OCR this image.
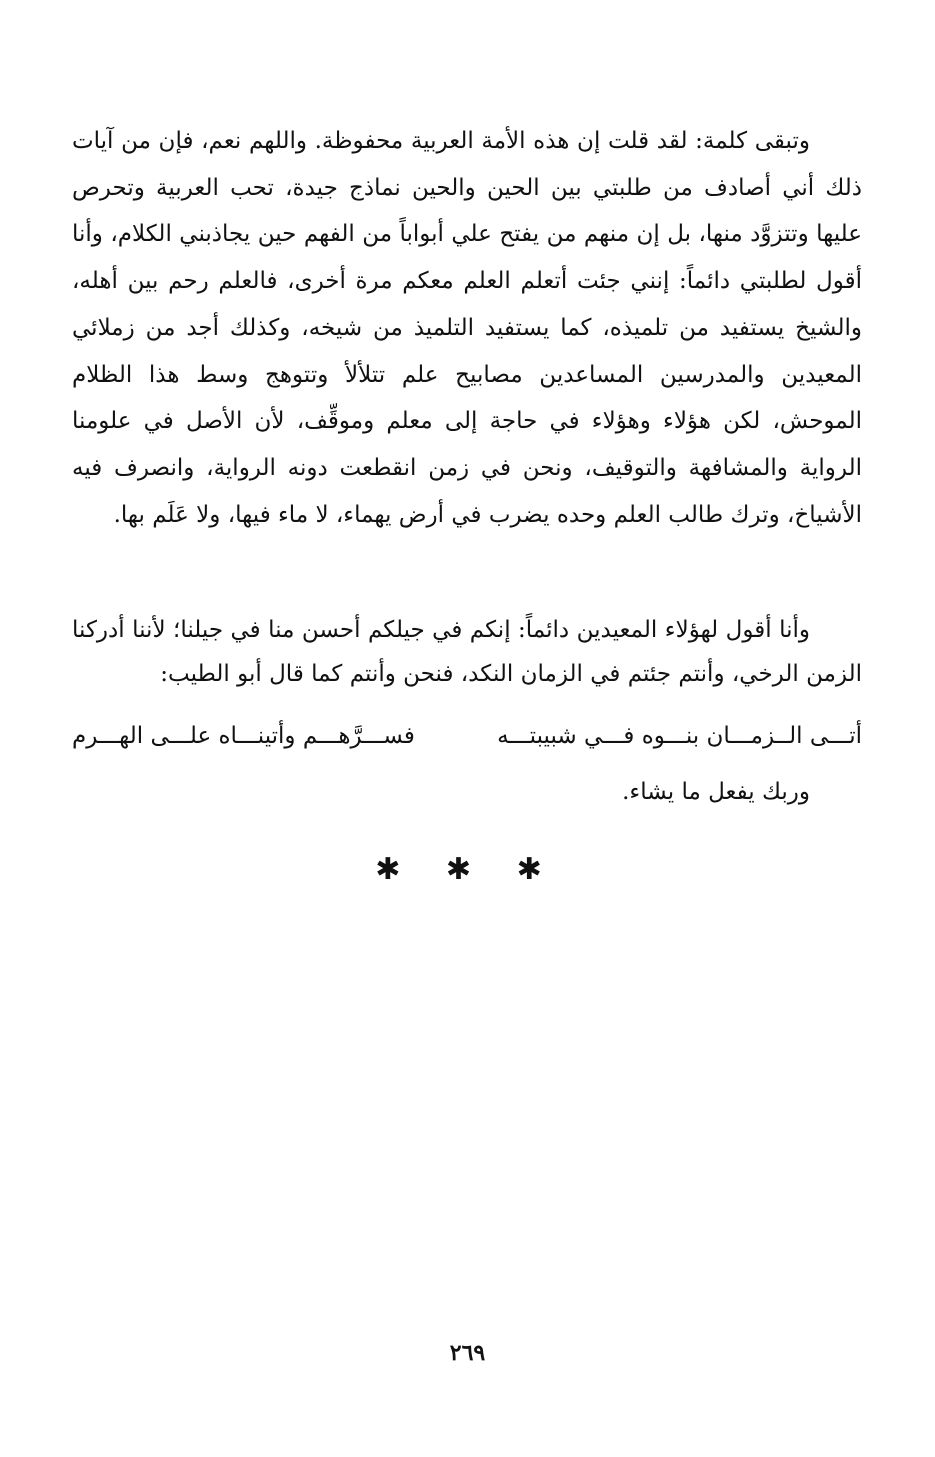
وتبقى كلمة: لقد قلت إن هذه الأمة العربية محفوظة. واللهم نعم، فإن من آيات ذلك أني أصادف من طلبتي بين الحين والحين نماذج جيدة، تحب العربية وتحرص عليها وتتزوَّد منها، بل إن منهم من يفتح علي أبواباً من الفهم حين يجاذبني الكلام، وأنا أقول لطلبتي دائماً: إنني جئت أتعلم العلم معكم مرة أخرى، فالعلم رحم بين أهله، والشيخ يستفيد من تلميذه، كما يستفيد التلميذ من شيخه، وكذلك أجد من زملائي المعيدين والمدرسين المساعدين مصابيح علم تتلألأ وتتوهج وسط هذا الظلام الموحش، لكن هؤلاء وهؤلاء في حاجة إلى معلم وموقِّف، لأن الأصل في علومنا الرواية والمشافهة والتوقيف، ونحن في زمن انقطعت دونه الرواية، وانصرف فيه الأشياخ، وترك طالب العلم وحده يضرب في أرض يهماء، لا ماء فيها، ولا عَلَم بها.
وأنا أقول لهؤلاء المعيدين دائماً: إنكم في جيلكم أحسن منا في جيلنا؛ لأننا أدركنا الزمن الرخي، وأنتم جئتم في الزمان النكد، فنحن وأنتم كما قال أبو الطيب:
أتـــى الــزمـــان بنـــوه فـــي شبيبتـــه
فســـرَّهـــم وأتينـــاه علـــى الهـــرم
وربك يفعل ما يشاء.
✱ ✱ ✱
٢٦٩
